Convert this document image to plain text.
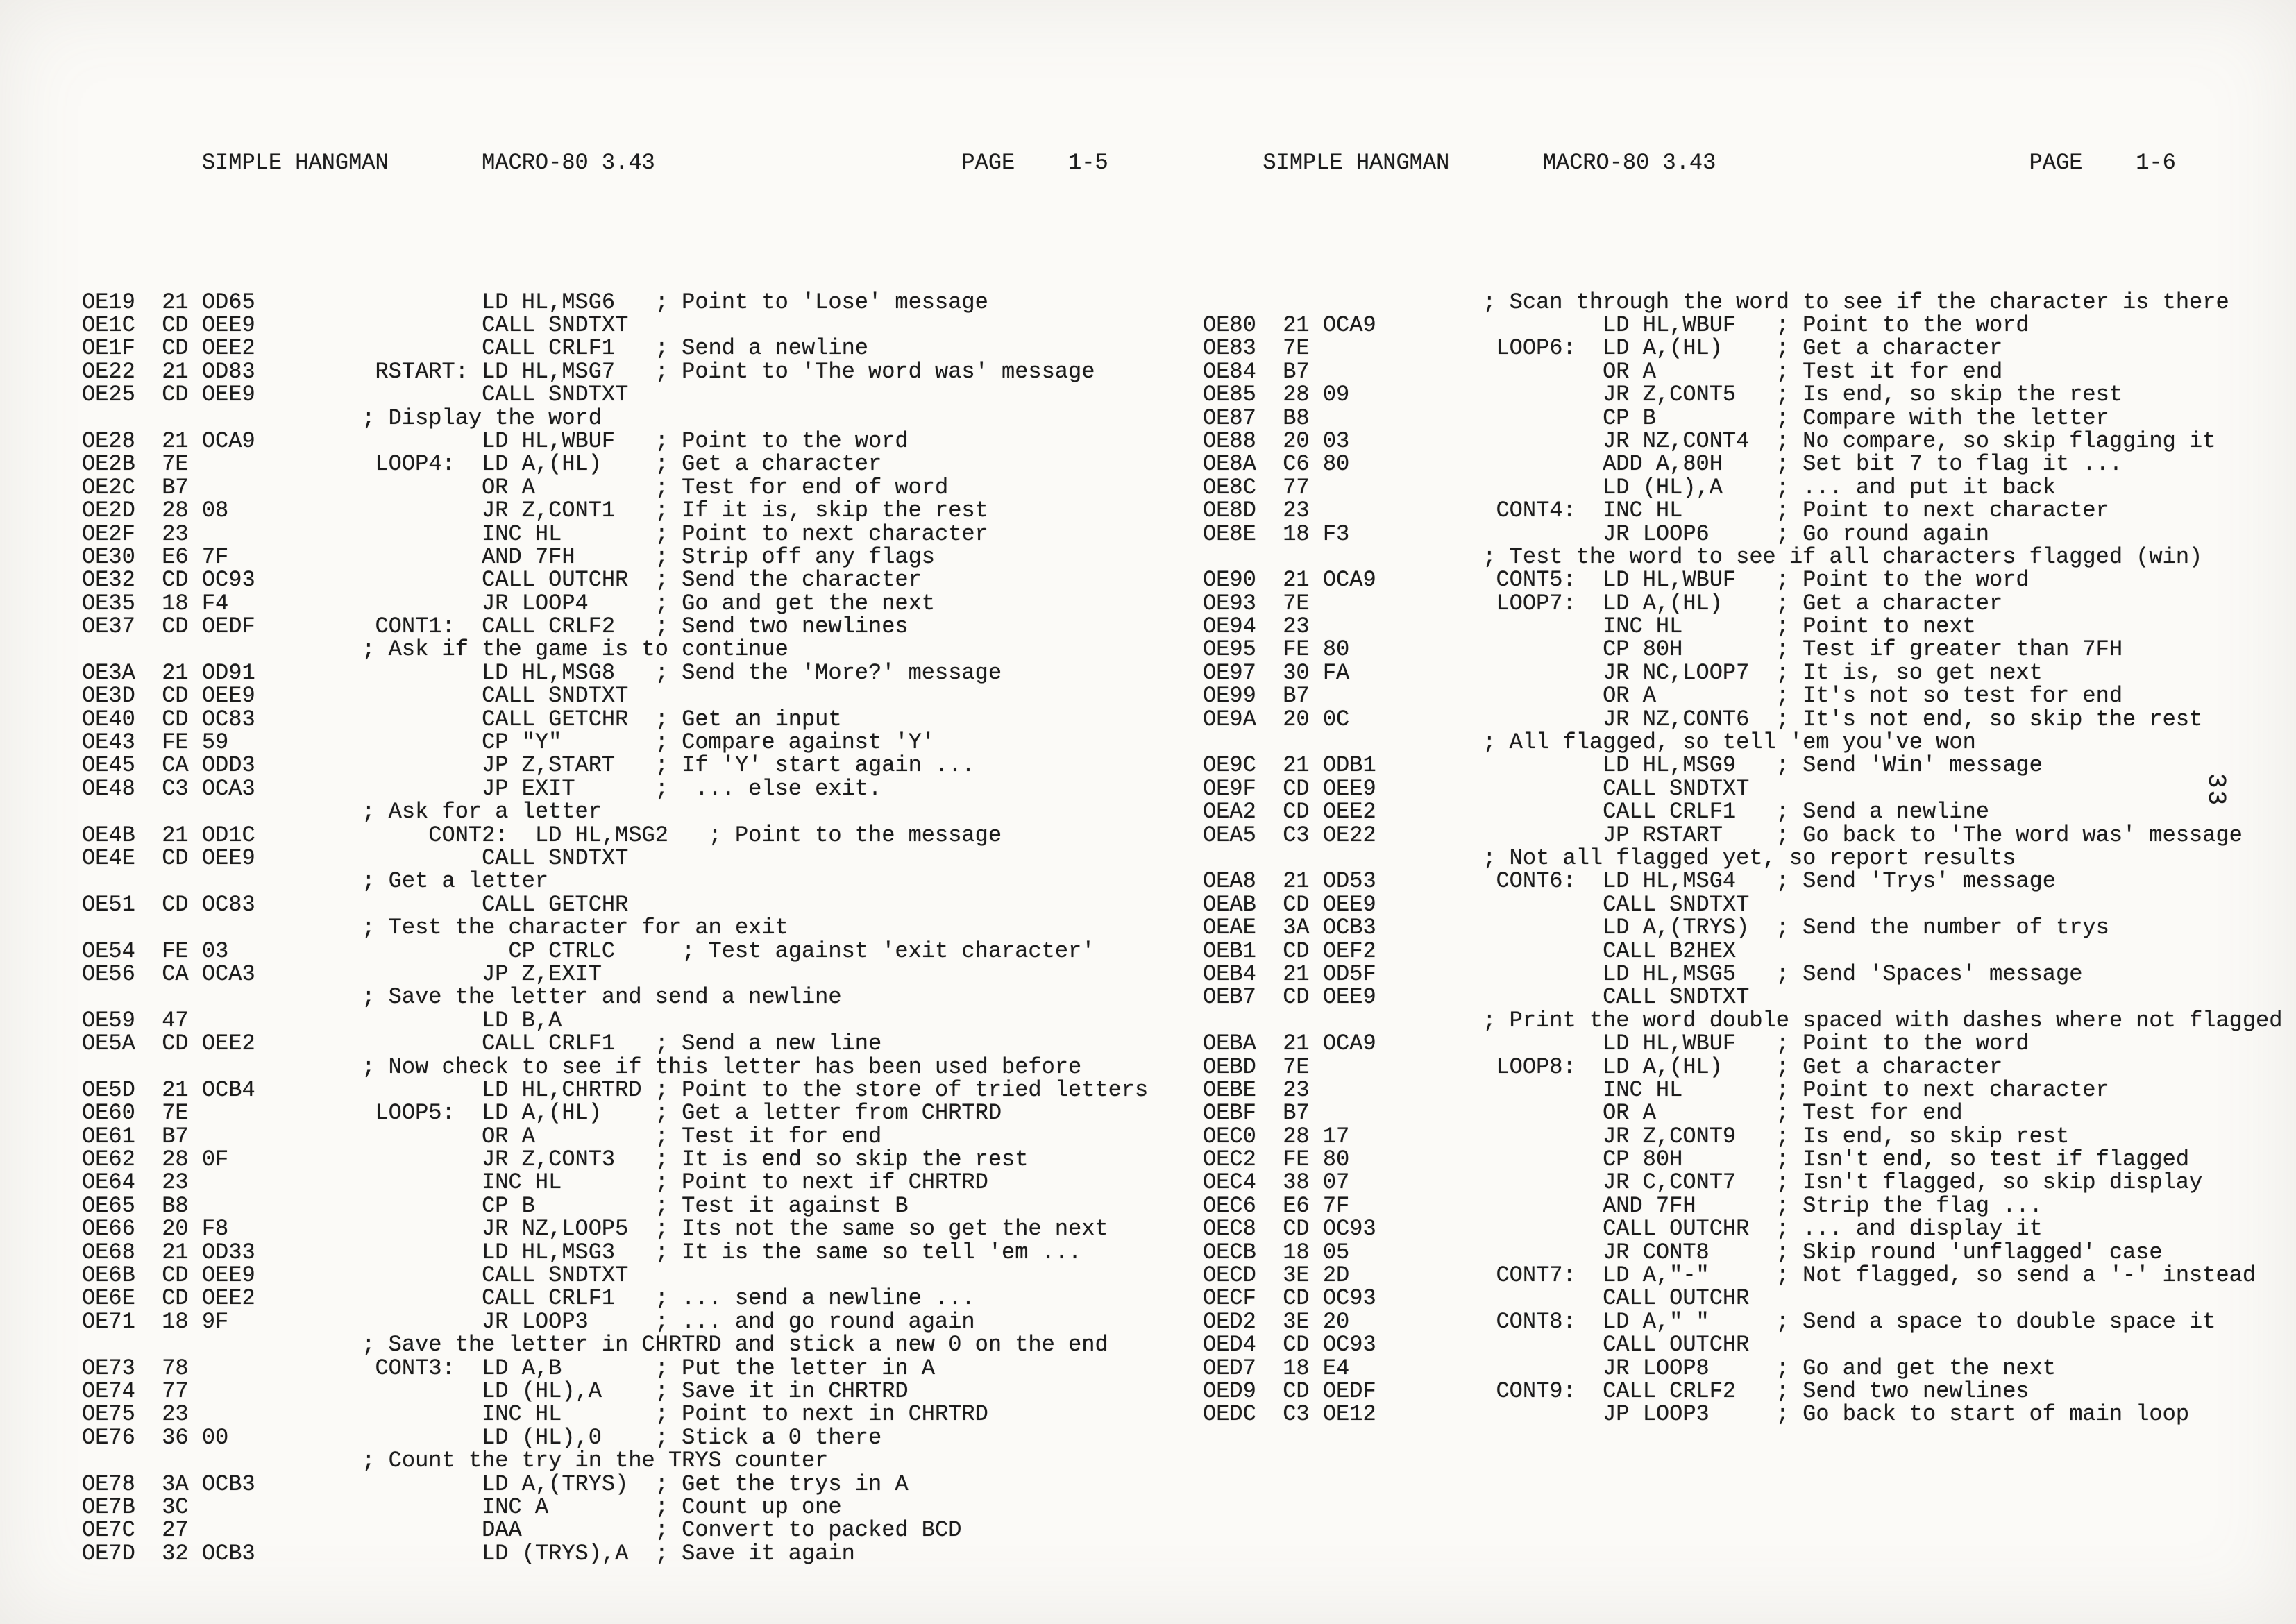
SIMPLE HANGMAN	MACRO-80 3.43	PAGE 1-5

OE19 21 OD65	LD HL,MSG6 ; Point to 'Lose' message
OE1C CD OEE9	CALL SNDTXT
OE1F CD OEE2	CALL CRLF1 ; Send a newline
OE22 21 OD83	RSTART: LD HL,MSG7 ; Point to 'The word was' message
OE25 CD OEE9	CALL SNDTXT
; Display the word
OE28 21 OCA9	LD HL,WBUF ; Point to the word
OE2B 7E	LOOP4: LD A,(HL) ; Get a character
OE2C B7	OR A	; Test for end of word
OE2D 28 08	JR Z,CONT1 ; If it is, skip the rest
OE2F 23	INC HL	; Point to next character
OE30 E6 7F	AND 7FH	; Strip off any flags
OE32 CD OC93	CALL OUTCHR ; Send the character
OE35 18 F4	JR LOOP4	; Go and get the next
OE37 CD OEDF	CONT1: CALL CRLF2 ; Send two newlines
; Ask if the game is to continue
OE3A 21 OD91	LD HL,MSG8 ; Send the 'More?' message
OE3D CD OEE9	CALL SNDTXT
OE40 CD OC83	CALL GETCHR ; Get an input
OE43 FE 59	CP "Y"	; Compare against 'Y'
OE45 CA ODD3	JP Z,START ; If 'Y' start again ...
OE48 C3 OCA3	JP EXIT	;  ... else exit.
; Ask for a letter
OE4B 21 OD1C	CONT2: LD HL,MSG2 ; Point to the message
OE4E CD OEE9	CALL SNDTXT
; Get a letter
OE51 CD OC83	CALL GETCHR
; Test the character for an exit
OE54 FE 03	CP CTRLC	; Test against 'exit character'
OE56 CA OCA3	JP Z,EXIT
; Save the letter and send a newline
OE59 47	LD B,A
OE5A CD OEE2	CALL CRLF1 ; Send a new line
; Now check to see if this letter has been used before
OE5D 21 OCB4	LD HL,CHRTRD ; Point to the store of tried letters
OE60 7E	LOOP5: LD A,(HL) ; Get a letter from CHRTRD
OE61 B7	OR A	; Test it for end
OE62 28 0F	JR Z,CONT3 ; It is end so skip the rest
OE64 23	INC HL	; Point to next if CHRTRD
OE65 B8	CP B	; Test it against B
OE66 20 F8	JR NZ,LOOP5 ; Its not the same so get the next
OE68 21 OD33	LD HL,MSG3 ; It is the same so tell 'em ...
OE6B CD OEE9	CALL SNDTXT
OE6E CD OEE2	CALL CRLF1 ; ... send a newline ...
OE71 18 9F	JR LOOP3	; ... and go round again
; Save the letter in CHRTRD and stick a new 0 on the end
OE73 78	CONT3: LD A,B	; Put the letter in A
OE74 77	LD (HL),A ; Save it in CHRTRD
OE75 23	INC HL	; Point to next in CHRTRD
OE76 36 00	LD (HL),0 ; Stick a 0 there
; Count the try in the TRYS counter
OE78 3A OCB3	LD A,(TRYS) ; Get the trys in A
OE7B 3C	INC A	; Count up one
OE7C 27	DAA	; Convert to packed BCD
OE7D 32 OCB3	LD (TRYS),A ; Save it again

SIMPLE HANGMAN	MACRO-80 3.43	PAGE 1-6

; Scan through the word to see if the character is there
OE80 21 OCA9	LD HL,WBUF ; Point to the word
OE83 7E	LOOP6: LD A,(HL) ; Get a character
OE84 B7	OR A	; Test it for end
OE85 28 09	JR Z,CONT5 ; Is end, so skip the rest
OE87 B8	CP B	; Compare with the letter
OE88 20 03	JR NZ,CONT4 ; No compare, so skip flagging it
OE8A C6 80	ADD A,80H ; Set bit 7 to flag it ...
OE8C 77	LD (HL),A ; ... and put it back
OE8D 23	CONT4: INC HL	; Point to next character
OE8E 18 F3	JR LOOP6	; Go round again
; Test the word to see if all characters flagged (win)
OE90 21 OCA9	CONT5: LD HL,WBUF ; Point to the word
OE93 7E	LOOP7: LD A,(HL) ; Get a character
OE94 23	INC HL	; Point to next
OE95 FE 80	CP 80H	; Test if greater than 7FH
OE97 30 FA	JR NC,LOOP7 ; It is, so get next
OE99 B7	OR A	; It's not so test for end
OE9A 20 0C	JR NZ,CONT6 ; It's not end, so skip the rest
; All flagged, so tell 'em you've won
OE9C 21 ODB1	LD HL,MSG9 ; Send 'Win' message
OE9F CD OEE9	CALL SNDTXT
OEA2 CD OEE2	CALL CRLF1 ; Send a newline
OEA5 C3 OE22	JP RSTART ; Go back to 'The word was' message
; Not all flagged yet, so report results
OEA8 21 OD53	CONT6: LD HL,MSG4 ; Send 'Trys' message
OEAB CD OEE9	CALL SNDTXT
OEAE 3A OCB3	LD A,(TRYS) ; Send the number of trys
OEB1 CD OEF2	CALL B2HEX
OEB4 21 OD5F	LD HL,MSG5 ; Send 'Spaces' message
OEB7 CD OEE9	CALL SNDTXT
; Print the word double spaced with dashes where not flagged
OEBA 21 OCA9	LD HL,WBUF ; Point to the word
OEBD 7E	LOOP8: LD A,(HL) ; Get a character
OEBE 23	INC HL	; Point to next character
OEBF B7	OR A	; Test for end
OEC0 28 17	JR Z,CONT9 ; Is end, so skip rest
OEC2 FE 80	CP 80H	; Isn't end, so test if flagged
OEC4 38 07	JR C,CONT7 ; Isn't flagged, so skip display
OEC6 E6 7F	AND 7FH	; Strip the flag ...
OEC8 CD OC93	CALL OUTCHR ; ... and display it
OECB 18 05	JR CONT8	; Skip round 'unflagged' case
OECD 3E 2D	CONT7: LD A,"-"	; Not flagged, so send a '-' instead
OECF CD OC93	CALL OUTCHR
OED2 3E 20	CONT8: LD A," "	; Send a space to double space it
OED4 CD OC93	CALL OUTCHR
OED7 18 E4	JR LOOP8	; Go and get the next
OED9 CD OEDF	CONT9: CALL CRLF2 ; Send two newlines
OEDC C3 OE12	JP LOOP3	; Go back to start of main loop

33
